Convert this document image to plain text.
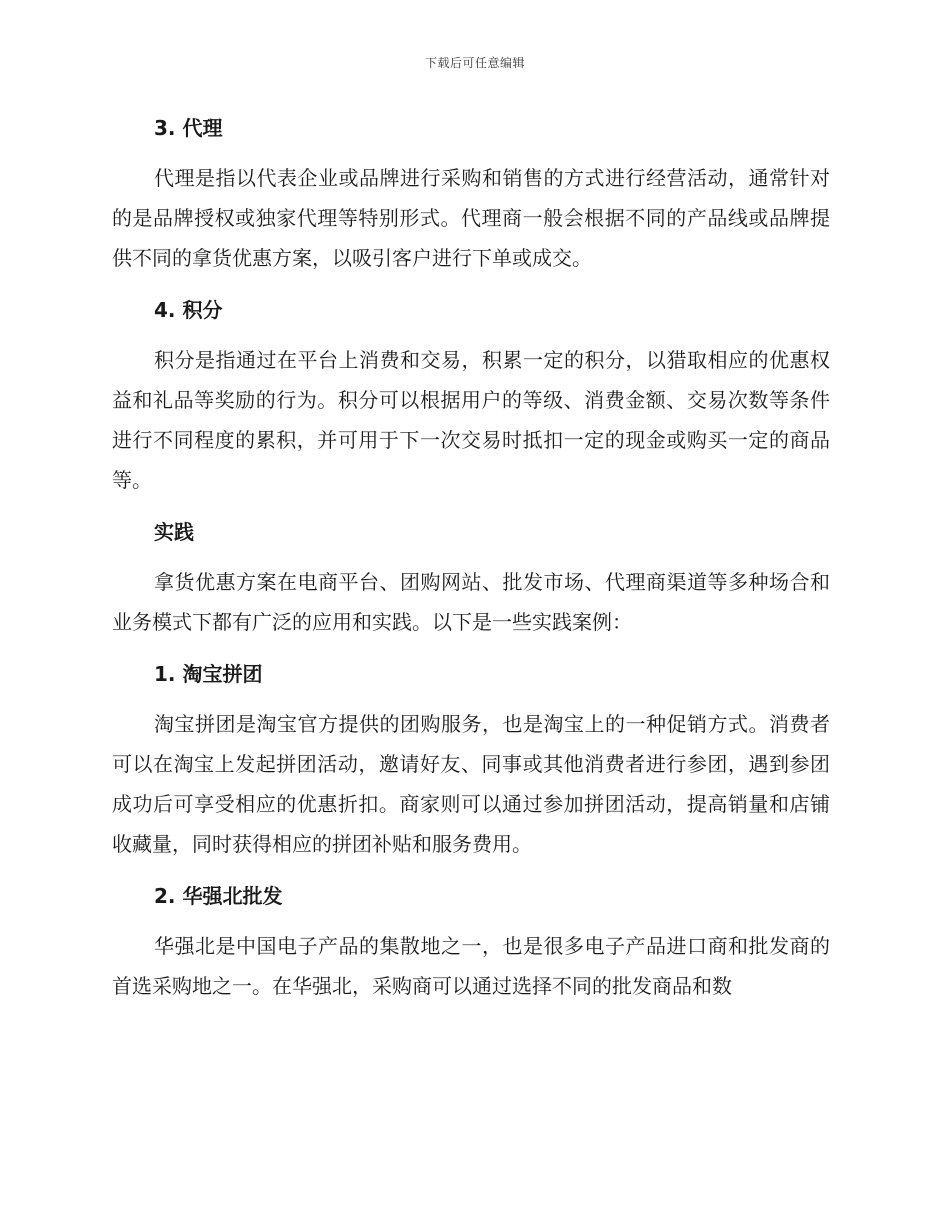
下载后可任意编辑
3. 代理

代理是指以代表企业或品牌进行采购和销售的方式进行经营活动，通常针对的是品牌授权或独家代理等特别形式。代理商一般会根据不同的产品线或品牌提供不同的拿货优惠方案，以吸引客户进行下单或成交。

4. 积分

积分是指通过在平台上消费和交易，积累一定的积分，以猎取相应的优惠权益和礼品等奖励的行为。积分可以根据用户的等级、消费金额、交易次数等条件进行不同程度的累积，并可用于下一次交易时抵扣一定的现金或购买一定的商品等。

实践

拿货优惠方案在电商平台、团购网站、批发市场、代理商渠道等多种场合和业务模式下都有广泛的应用和实践。以下是一些实践案例：

1. 淘宝拼团

淘宝拼团是淘宝官方提供的团购服务，也是淘宝上的一种促销方式。消费者可以在淘宝上发起拼团活动，邀请好友、同事或其他消费者进行参团，遇到参团成功后可享受相应的优惠折扣。商家则可以通过参加拼团活动，提高销量和店铺收藏量，同时获得相应的拼团补贴和服务费用。

2. 华强北批发

华强北是中国电子产品的集散地之一，也是很多电子产品进口商和批发商的首选采购地之一。在华强北，采购商可以通过选择不同的批发商品和数
